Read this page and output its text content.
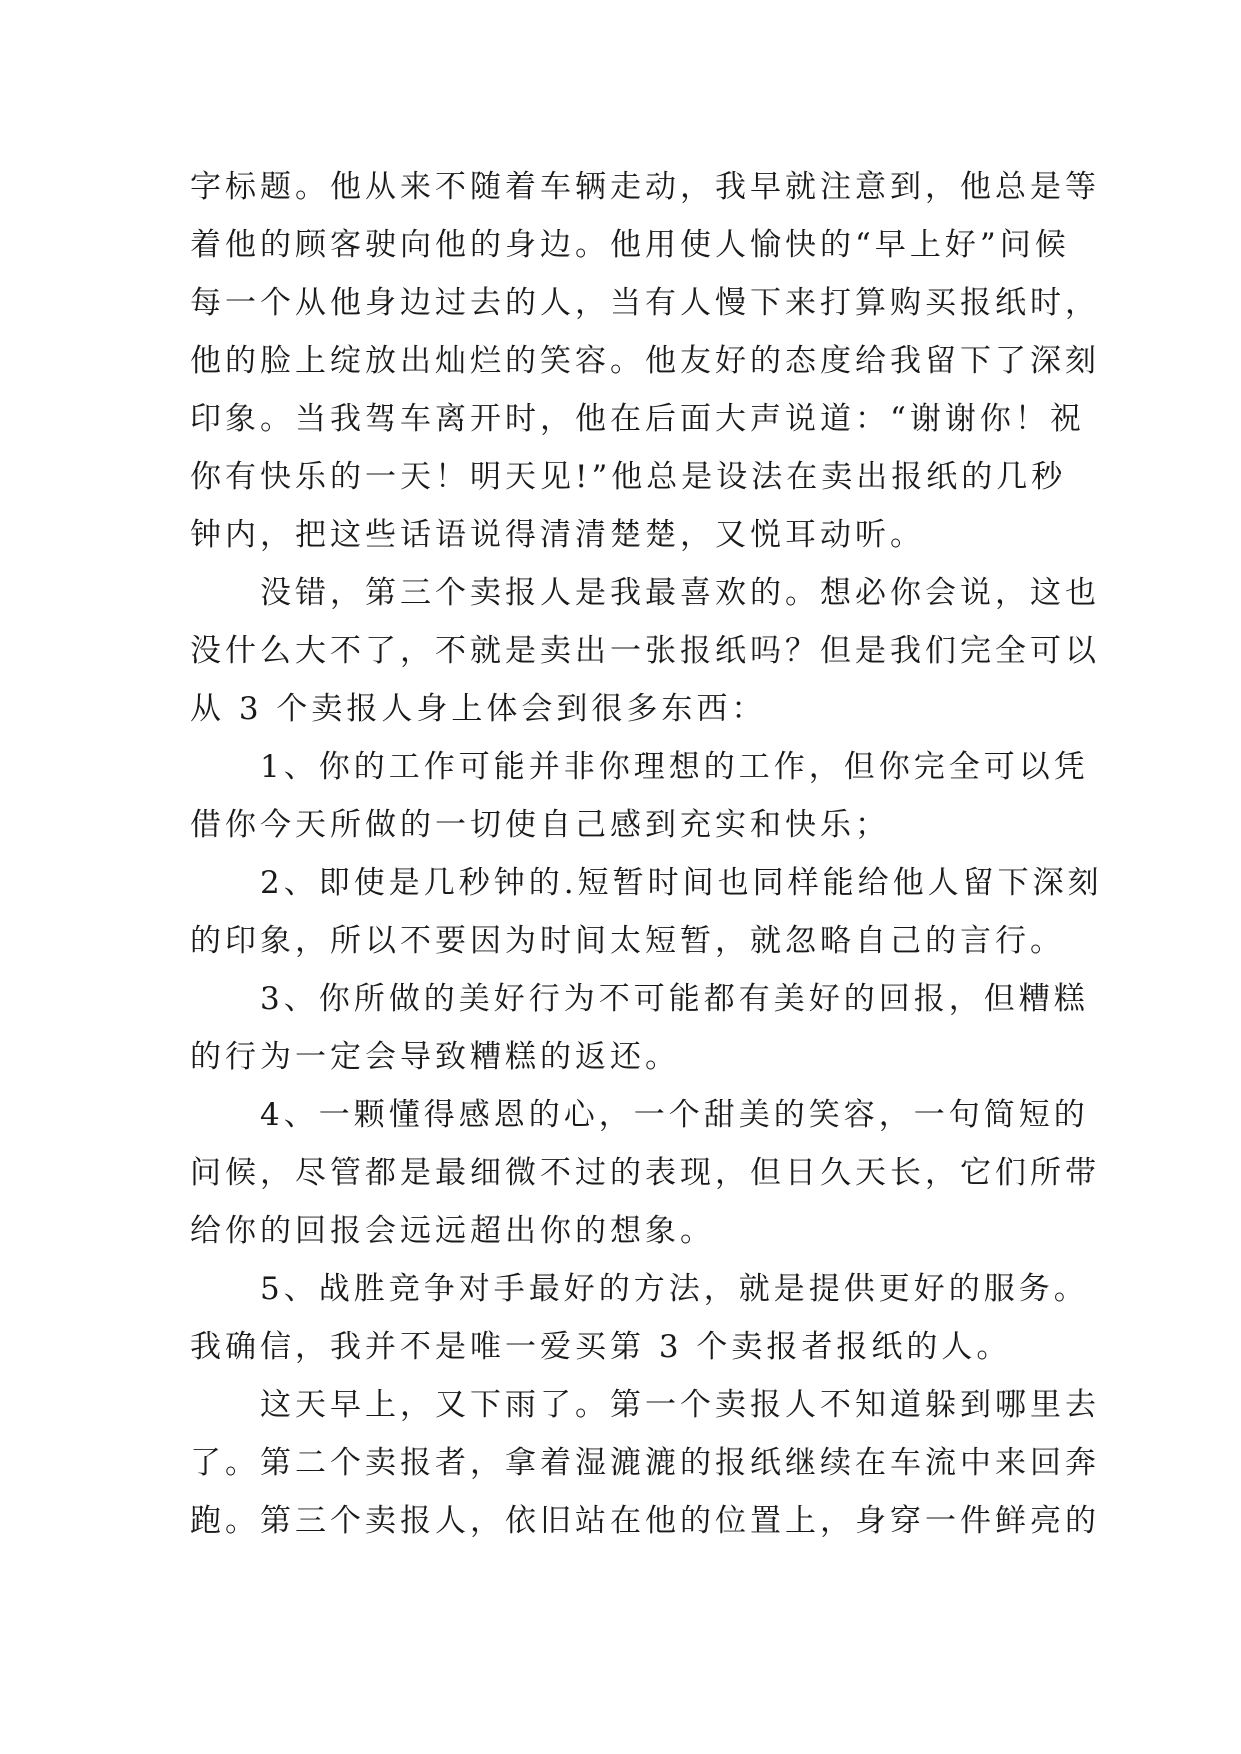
字标题。他从来不随着车辆走动，我早就注意到，他总是等
着他的顾客驶向他的身边。他用使人愉快的“早上好”问候
每一个从他身边过去的人，当有人慢下来打算购买报纸时，
他的脸上绽放出灿烂的笑容。他友好的态度给我留下了深刻
印象。当我驾车离开时，他在后面大声说道：“谢谢你！祝
你有快乐的一天！明天见!”他总是设法在卖出报纸的几秒
钟内，把这些话语说得清清楚楚，又悦耳动听。
没错，第三个卖报人是我最喜欢的。想必你会说，这也
没什么大不了，不就是卖出一张报纸吗？但是我们完全可以
从 3 个卖报人身上体会到很多东西：
1、你的工作可能并非你理想的工作，但你完全可以凭
借你今天所做的一切使自己感到充实和快乐；
2、即使是几秒钟的.短暂时间也同样能给他人留下深刻
的印象，所以不要因为时间太短暂，就忽略自己的言行。
3、你所做的美好行为不可能都有美好的回报，但糟糕
的行为一定会导致糟糕的返还。
4、一颗懂得感恩的心，一个甜美的笑容，一句简短的
问候，尽管都是最细微不过的表现，但日久天长，它们所带
给你的回报会远远超出你的想象。
5、战胜竞争对手最好的方法，就是提供更好的服务。
我确信，我并不是唯一爱买第 3 个卖报者报纸的人。
这天早上，又下雨了。第一个卖报人不知道躲到哪里去
了。第二个卖报者，拿着湿漉漉的报纸继续在车流中来回奔
跑。第三个卖报人，依旧站在他的位置上，身穿一件鲜亮的
